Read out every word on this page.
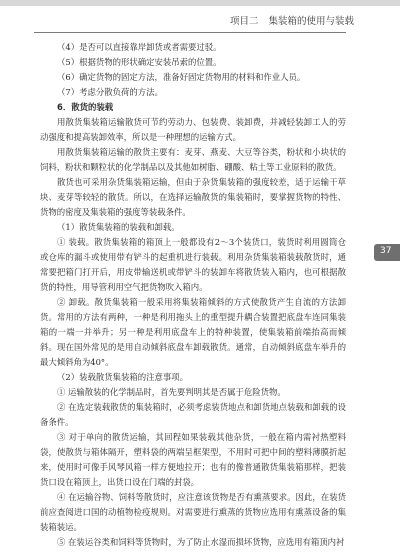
项目二 集装箱的使用与装载
37

（4）是否可以直接靠岸卸货或者需要过驳。

（5）根据货物的形状确定安装吊索的位置。

（6）确定货物的固定方法，准备好固定货物用的材料和作业人员。

（7）考虑分散负荷的方法。

6．散货的装载

用散货集装箱运输散货可节约劳动力、包装费、装卸费，并减轻装卸工人的劳动强度和提高装卸效率，所以是一种理想的运输方式。

用散货集装箱运输的散货主要有：麦芽、燕麦、大豆等谷类，粉状和小块状的饲料，粉状和颗粒状的化学制品以及其他如树脂、硼酸、粘土等工业原料的散货。

散货也可采用杂货集装箱运输，但由于杂货集装箱的强度较差，适于运输干草块、麦芽等较轻的散货。所以，在选择运输散货的集装箱时，要掌握货物的特性、货物的密度及集装箱的强度等装载条件。

（1）散货集装箱的装载和卸载。

① 装载。散货集装箱的箱顶上一般都设有2～3个装货口，装货时利用圆筒仓或仓库的漏斗或使用带有铲斗的起重机进行装载。利用杂货集装箱装载散货时，通常要把箱门打开后，用皮带输送机或带铲斗的装卸车将散货装入箱内，也可根据散货的特性，用导管利用空气把货物吹入箱内。

② 卸载。散货集装箱一般采用将集装箱倾斜的方式使散货产生自流的方法卸货。常用的方法有两种，一种是利用拖头上的重型提升耦合装置把底盘车连同集装箱的一端一并举升；另一种是利用底盘车上的特种装置，使集装箱前端抬高而倾斜。现在国外常见的是用自动倾斜底盘车卸载散货。通常，自动倾斜底盘车举升的最大倾斜角为40°。

（2）装载散货集装箱的注意事项。

① 运输散装的化学制品时，首先要判明其是否属于危险货物。

② 在选定装载散货的集装箱时，必须考虑装货地点和卸货地点装载和卸载的设备条件。

③ 对于单向的散货运输，其回程如果装载其他杂货，一般在箱内需衬热塑料袋，使散货与箱体隔开，塑料袋的两端呈框架型，不用时可把中间的塑料薄膜折起来，使用时可像手风琴风箱一样方便地拉开；也有的像普通散货集装箱那样，把装货口设在箱顶上，出货口设在门端的封袋。

④ 在运输谷物、饲料等散货时，应注意该货物是否有熏蒸要求。因此，在装货前应查阅进口国的动植物检疫规则。对需要进行熏蒸的货物应选用有熏蒸设备的集装箱装运。

⑤ 在装运谷类和饲料等货物时，为了防止水湿而损坏货物，应选用有箱顶内衬
